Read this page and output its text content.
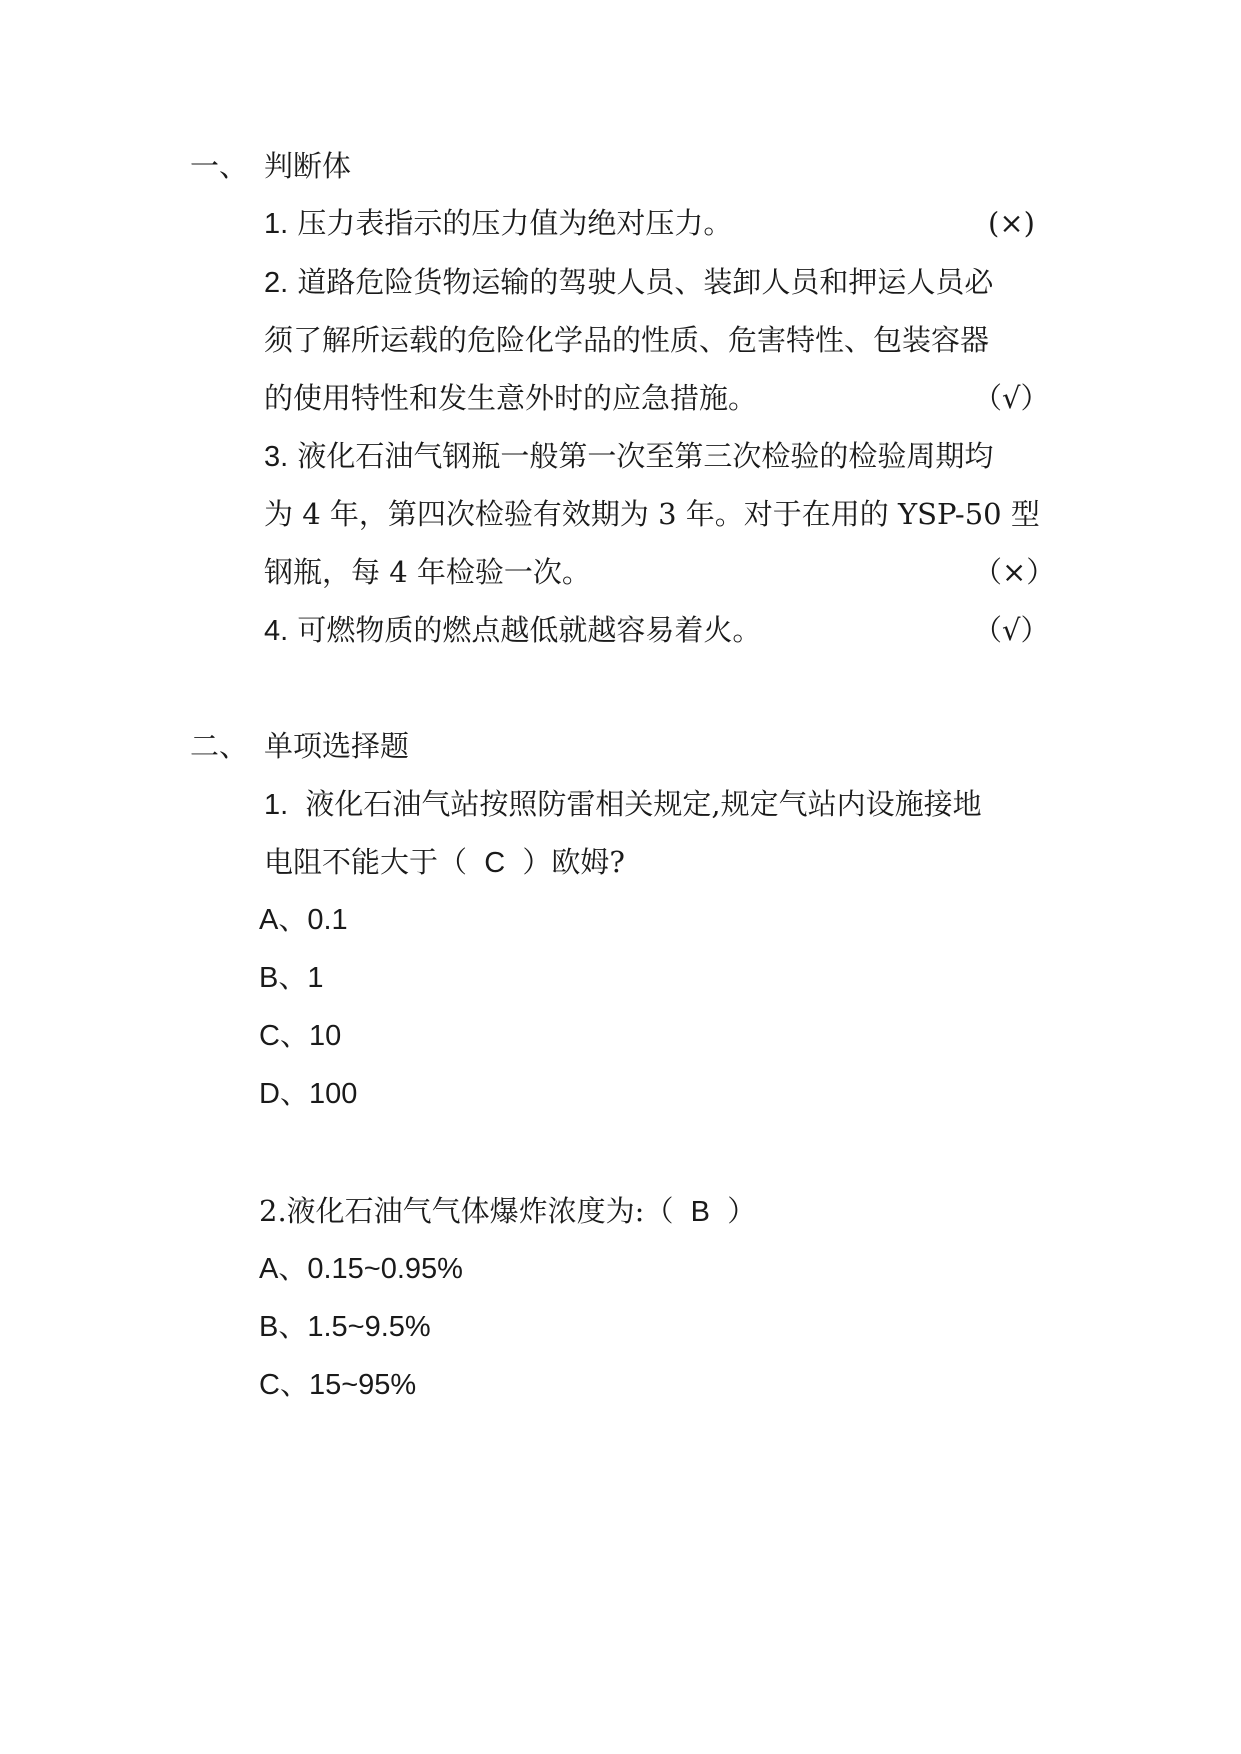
一、 判断体
1. 压力表指示的压力值为绝对压力。	(×)
2. 道路危险货物运输的驾驶人员、装卸人员和押运人员必
须了解所运载的危险化学品的性质、危害特性、包装容器
的使用特性和发生意外时的应急措施。	（√）
3. 液化石油气钢瓶一般第一次至第三次检验的检验周期均
为 4 年，第四次检验有效期为 3 年。对于在用的 YSP-50 型
钢瓶，每 4 年检验一次。	（×）
4. 可燃物质的燃点越低就越容易着火。	（√）
二、 单项选择题
1. 液化石油气站按照防雷相关规定,规定气站内设施接地
电阻不能大于（ C ）欧姆?
A、0.1
B、1
C、10
D、100
2.液化石油气气体爆炸浓度为:（ B ）
A、0.15~0.95%
B、1.5~9.5%
C、15~95%
